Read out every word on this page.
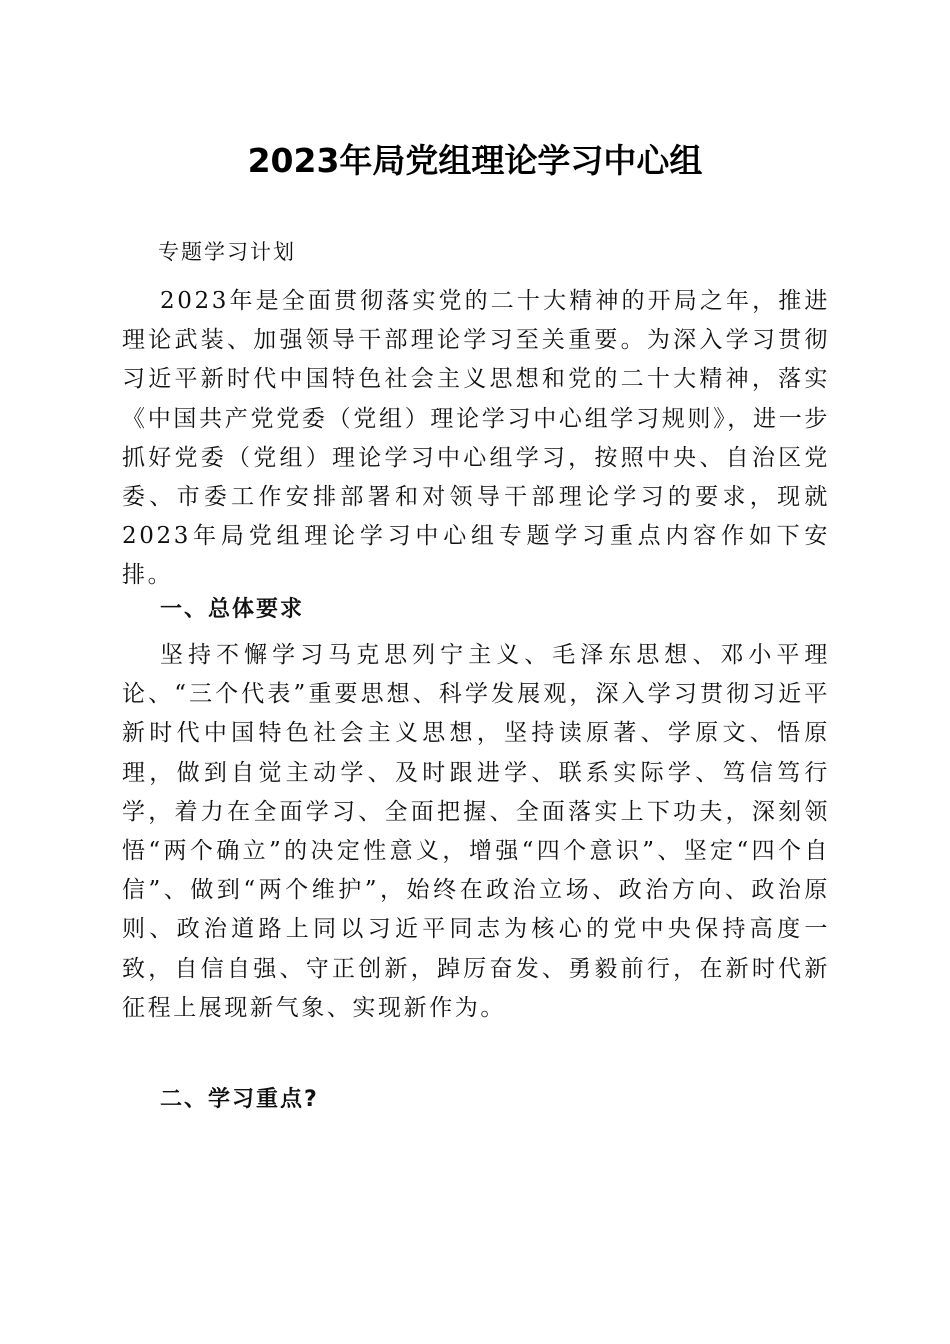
2023年局党组理论学习中心组
专题学习计划

2023年是全面贯彻落实党的二十大精神的开局之年，推进理论武装、加强领导干部理论学习至关重要。为深入学习贯彻习近平新时代中国特色社会主义思想和党的二十大精神，落实《中国共产党党委（党组）理论学习中心组学习规则》，进一步抓好党委（党组）理论学习中心组学习，按照中央、自治区党委、市委工作安排部署和对领导干部理论学习的要求，现就2023年局党组理论学习中心组专题学习重点内容作如下安排。

一、总体要求

坚持不懈学习马克思列宁主义、毛泽东思想、邓小平理论、“三个代表”重要思想、科学发展观，深入学习贯彻习近平新时代中国特色社会主义思想，坚持读原著、学原文、悟原理，做到自觉主动学、及时跟进学、联系实际学、笃信笃行学，着力在全面学习、全面把握、全面落实上下功夫，深刻领悟“两个确立”的决定性意义，增强“四个意识”、坚定“四个自信”、做到“两个维护”，始终在政治立场、政治方向、政治原则、政治道路上同以习近平同志为核心的党中央保持高度一致，自信自强、守正创新，踔厉奋发、勇毅前行，在新时代新征程上展现新气象、实现新作为。

二、学习重点?
